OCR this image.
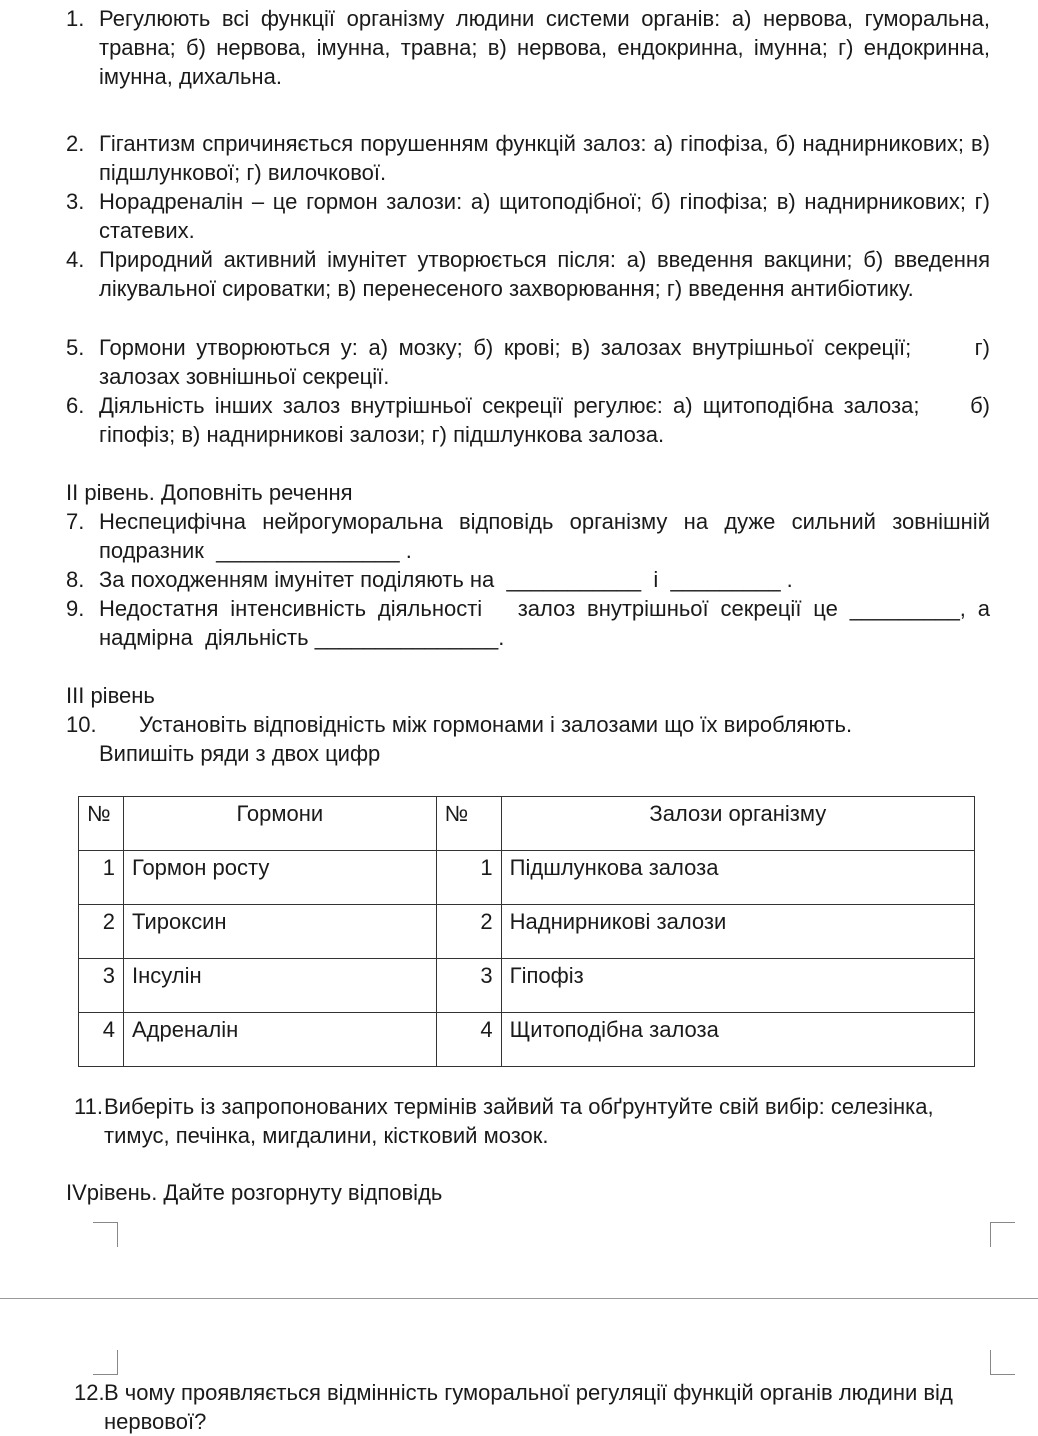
1. Регулюють всі функції організму людини системи органів: а) нервова, гуморальна, травна; б) нервова, імунна, травна; в) нервова, ендокринна, імунна; г) ендокринна, імунна, дихальна.
2. Гігантизм спричиняється порушенням функцій залоз: а) гіпофіза, б) наднирникових; в) підшлункової; г) вилочкової.
3. Норадреналін – це гормон залози: а) щитоподібної; б) гіпофіза; в) наднирникових; г) статевих.
4. Природний активний імунітет утворюється після: а) введення вакцини; б) введення лікувальної сироватки; в) перенесеного захворювання; г) введення антибіотику.
5. Гормони утворюються у: а) мозку; б) крові; в) залозах внутрішньої секреції;      г) залозах зовнішньої секреції.
6. Діяльність інших залоз внутрішньої секреції регулює: а) щитоподібна залоза;     б) гіпофіз; в) наднирникові залози; г) підшлункова залоза.
ІІ рівень. Доповніть речення
7. Неспецифічна нейрогуморальна відповідь організму на дуже сильний зовнішній подразник  _______________ .
8. За походженням імунітет поділяють на  ___________  і  _________ .
9. Недостатня інтенсивність діяльності   залоз внутрішньої секреції це _________, а надмірна  діяльність _______________.
ІІІ рівень
10.	Установіть відповідність між гормонами і залозами що їх виробляють.
Випишіть ряди з двох цифр
№	Гормони	№	Залози організму
1	Гормон росту	1	Підшлункова залоза
2	Тироксин	2	Наднирникові залози
3	Інсулін	3	Гіпофіз
4	Адреналін	4	Щитоподібна залоза
11. Виберіть із запропонованих термінів зайвий та обґрунтуйте свій вибір: селезінка, тимус, печінка, мигдалини, кістковий мозок.
ІVрівень. Дайте розгорнуту відповідь
12. В чому проявляється відмінність гуморальної регуляції функцій органів людини від нервової?
